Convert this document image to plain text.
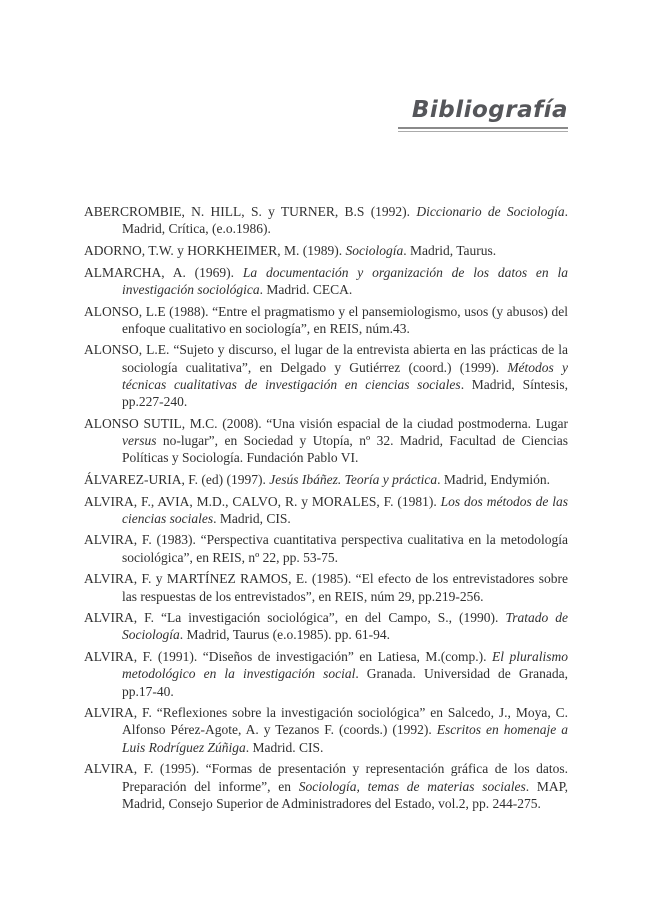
Bibliografía

ABERCROMBIE, N. HILL, S. y TURNER, B.S (1992). Diccionario de Sociología. Madrid, Crítica, (e.o.1986).

ADORNO, T.W. y HORKHEIMER, M. (1989). Sociología. Madrid, Taurus.

ALMARCHA, A. (1969). La documentación y organización de los datos en la investigación sociológica. Madrid. CECA.

ALONSO, L.E (1988). “Entre el pragmatismo y el pansemiologismo, usos (y abusos) del enfoque cualitativo en sociología”, en REIS, núm.43.

ALONSO, L.E. “Sujeto y discurso, el lugar de la entrevista abierta en las prácticas de la sociología cualitativa”, en Delgado y Gutiérrez (coord.) (1999). Métodos y técnicas cualitativas de investigación en ciencias sociales. Madrid, Síntesis, pp.227-240.

ALONSO SUTIL, M.C. (2008). “Una visión espacial de la ciudad postmoderna. Lugar versus no-lugar”, en Sociedad y Utopía, nº 32. Madrid, Facultad de Ciencias Políticas y Sociología. Fundación Pablo VI.

ÁLVAREZ-URIA, F. (ed) (1997). Jesús Ibáñez. Teoría y práctica. Madrid, Endymión.

ALVIRA, F., AVIA, M.D., CALVO, R. y MORALES, F. (1981). Los dos métodos de las ciencias sociales. Madrid, CIS.

ALVIRA, F. (1983). “Perspectiva cuantitativa perspectiva cualitativa en la metodología sociológica”, en REIS, nº 22, pp. 53-75.

ALVIRA, F. y MARTÍNEZ RAMOS, E. (1985). “El efecto de los entrevistadores sobre las respuestas de los entrevistados”, en REIS, núm 29, pp.219-256.

ALVIRA, F. “La investigación sociológica”, en del Campo, S., (1990). Tratado de Sociología. Madrid, Taurus (e.o.1985). pp. 61-94.

ALVIRA, F. (1991). “Diseños de investigación” en Latiesa, M.(comp.). El pluralismo metodológico en la investigación social. Granada. Universidad de Granada, pp.17-40.

ALVIRA, F. “Reflexiones sobre la investigación sociológica” en Salcedo, J., Moya, C. Alfonso Pérez-Agote, A. y Tezanos F. (coords.) (1992). Escritos en homenaje a Luis Rodríguez Zúñiga. Madrid. CIS.

ALVIRA, F. (1995). “Formas de presentación y representación gráfica de los datos. Preparación del informe”, en Sociología, temas de materias sociales. MAP, Madrid, Consejo Superior de Administradores del Estado, vol.2, pp. 244-275.
